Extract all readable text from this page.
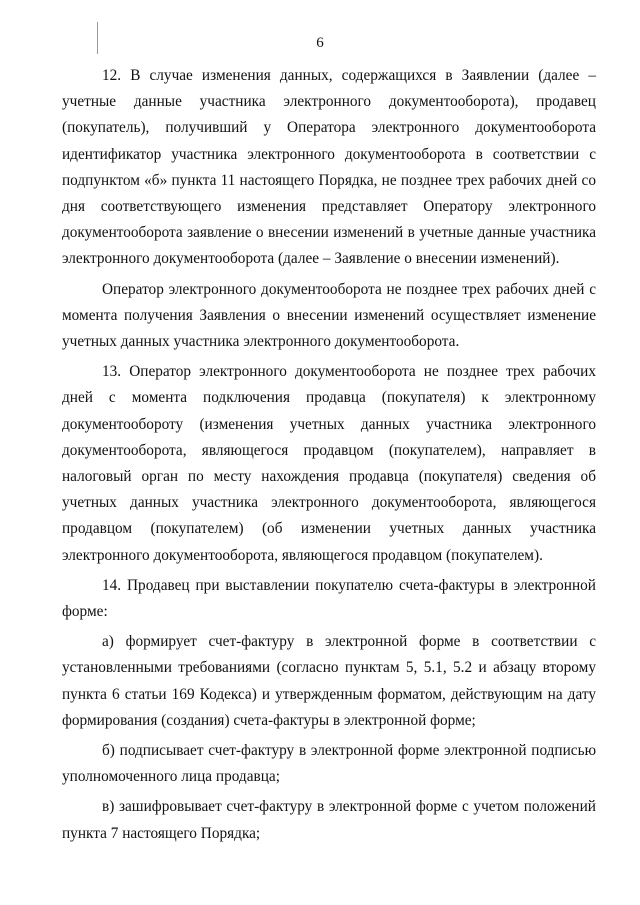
6

12. В случае изменения данных, содержащихся в Заявлении (далее – учетные данные участника электронного документооборота), продавец (покупатель), получивший у Оператора электронного документооборота идентификатор участника электронного документооборота в соответствии с подпунктом «б» пункта 11 настоящего Порядка, не позднее трех рабочих дней со дня соответствующего изменения представляет Оператору электронного документооборота заявление о внесении изменений в учетные данные участника электронного документооборота (далее – Заявление о внесении изменений).

Оператор электронного документооборота не позднее трех рабочих дней с момента получения Заявления о внесении изменений осуществляет изменение учетных данных участника электронного документооборота.

13. Оператор электронного документооборота не позднее трех рабочих дней с момента подключения продавца (покупателя) к электронному документообороту (изменения учетных данных участника электронного документооборота, являющегося продавцом (покупателем), направляет в налоговый орган по месту нахождения продавца (покупателя) сведения об учетных данных участника электронного документооборота, являющегося продавцом (покупателем) (об изменении учетных данных участника электронного документооборота, являющегося продавцом (покупателем).

14. Продавец при выставлении покупателю счета-фактуры в электронной форме:

а) формирует счет-фактуру в электронной форме в соответствии с установленными требованиями (согласно пунктам 5, 5.1, 5.2 и абзацу второму пункта 6 статьи 169 Кодекса) и утвержденным форматом, действующим на дату формирования (создания) счета-фактуры в электронной форме;

б) подписывает счет-фактуру в электронной форме электронной подписью уполномоченного лица продавца;

в) зашифровывает счет-фактуру в электронной форме с учетом положений пункта 7 настоящего Порядка;
